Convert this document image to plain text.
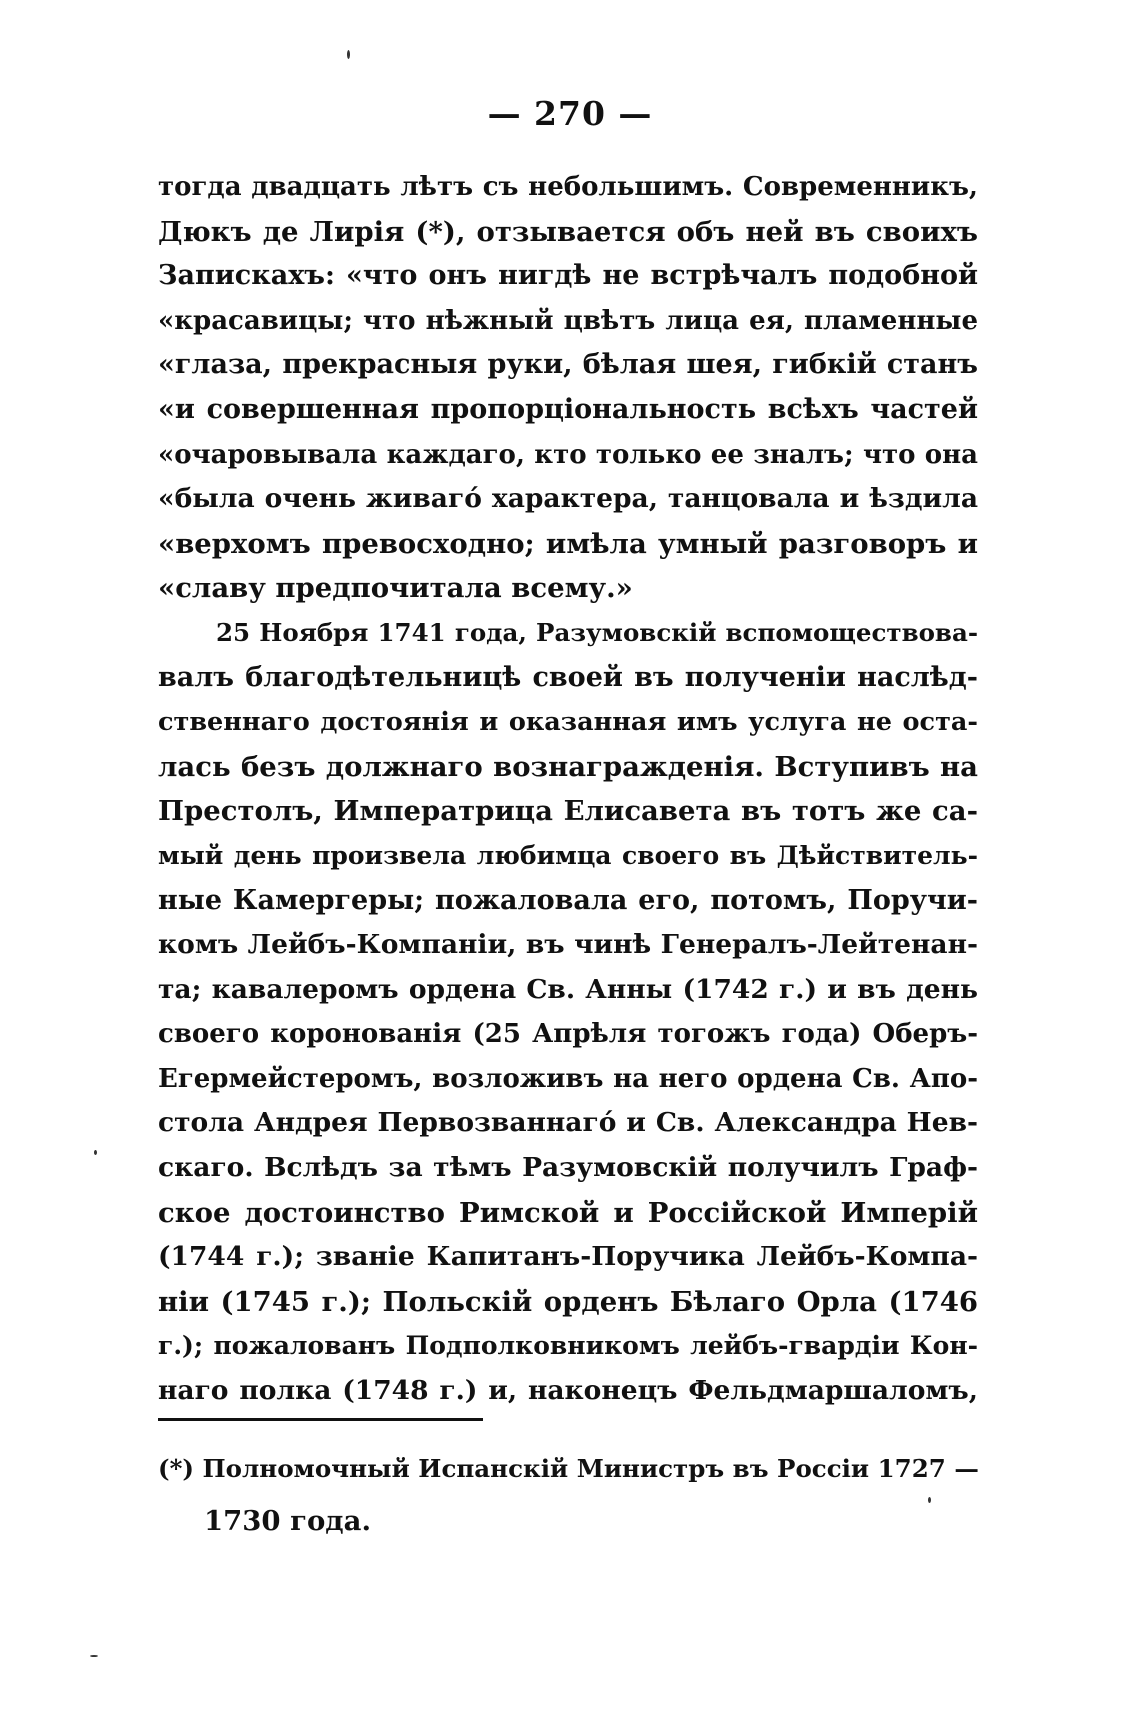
— 270 —
тогда двадцать лѣтъ съ небольшимъ. Современникъ,
Дюкъ де Лирія (*), отзывается объ ней въ своихъ
Запискахъ: «что онъ нигдѣ не встрѣчалъ подобной
«красавицы; что нѣжный цвѣтъ лица ея, пламенные
«глаза, прекрасныя руки, бѣлая шея, гибкій станъ
«и совершенная пропорціональность всѣхъ частей
«очаровывала каждаго, кто только ее зналъ; что она
«была очень живагó характера, танцовала и ѣздила
«верхомъ превосходно; имѣла умный разговоръ и
«славу предпочитала всему.»
25 Ноября 1741 года, Разумовскій вспомоществова-
валъ благодѣтельницѣ своей въ полученіи наслѣд-
ственнаго достоянія и оказанная имъ услуга не оста-
лась безъ должнаго вознагражденія. Вступивъ на
Престолъ, Императрица Елисавета въ тотъ же са-
мый день произвела любимца своего въ Дѣйствитель-
ные Камергеры; пожаловала его, потомъ, Поручи-
комъ Лейбъ-Компаніи, въ чинѣ Генералъ-Лейтенан-
та; кавалеромъ ордена Св. Анны (1742 г.) и въ день
своего коронованія (25 Апрѣля тогожъ года) Оберъ-
Егермейстеромъ, возложивъ на него ордена Св. Апо-
стола Андрея Первозваннагó и Св. Александра Нев-
скаго. Вслѣдъ за тѣмъ Разумовскій получилъ Граф-
ское достоинство Римской и Россійской Имперій
(1744 г.); званіе Капитанъ-Поручика Лейбъ-Компа-
ніи (1745 г.); Польскій орденъ Бѣлаго Орла (1746
г.); пожалованъ Подполковникомъ лейбъ-гвардіи Кон-
наго полка (1748 г.) и, наконецъ Фельдмаршаломъ,
(*) Полномочный Испанскій Министръ въ Россіи 1727 —
1730 года.
